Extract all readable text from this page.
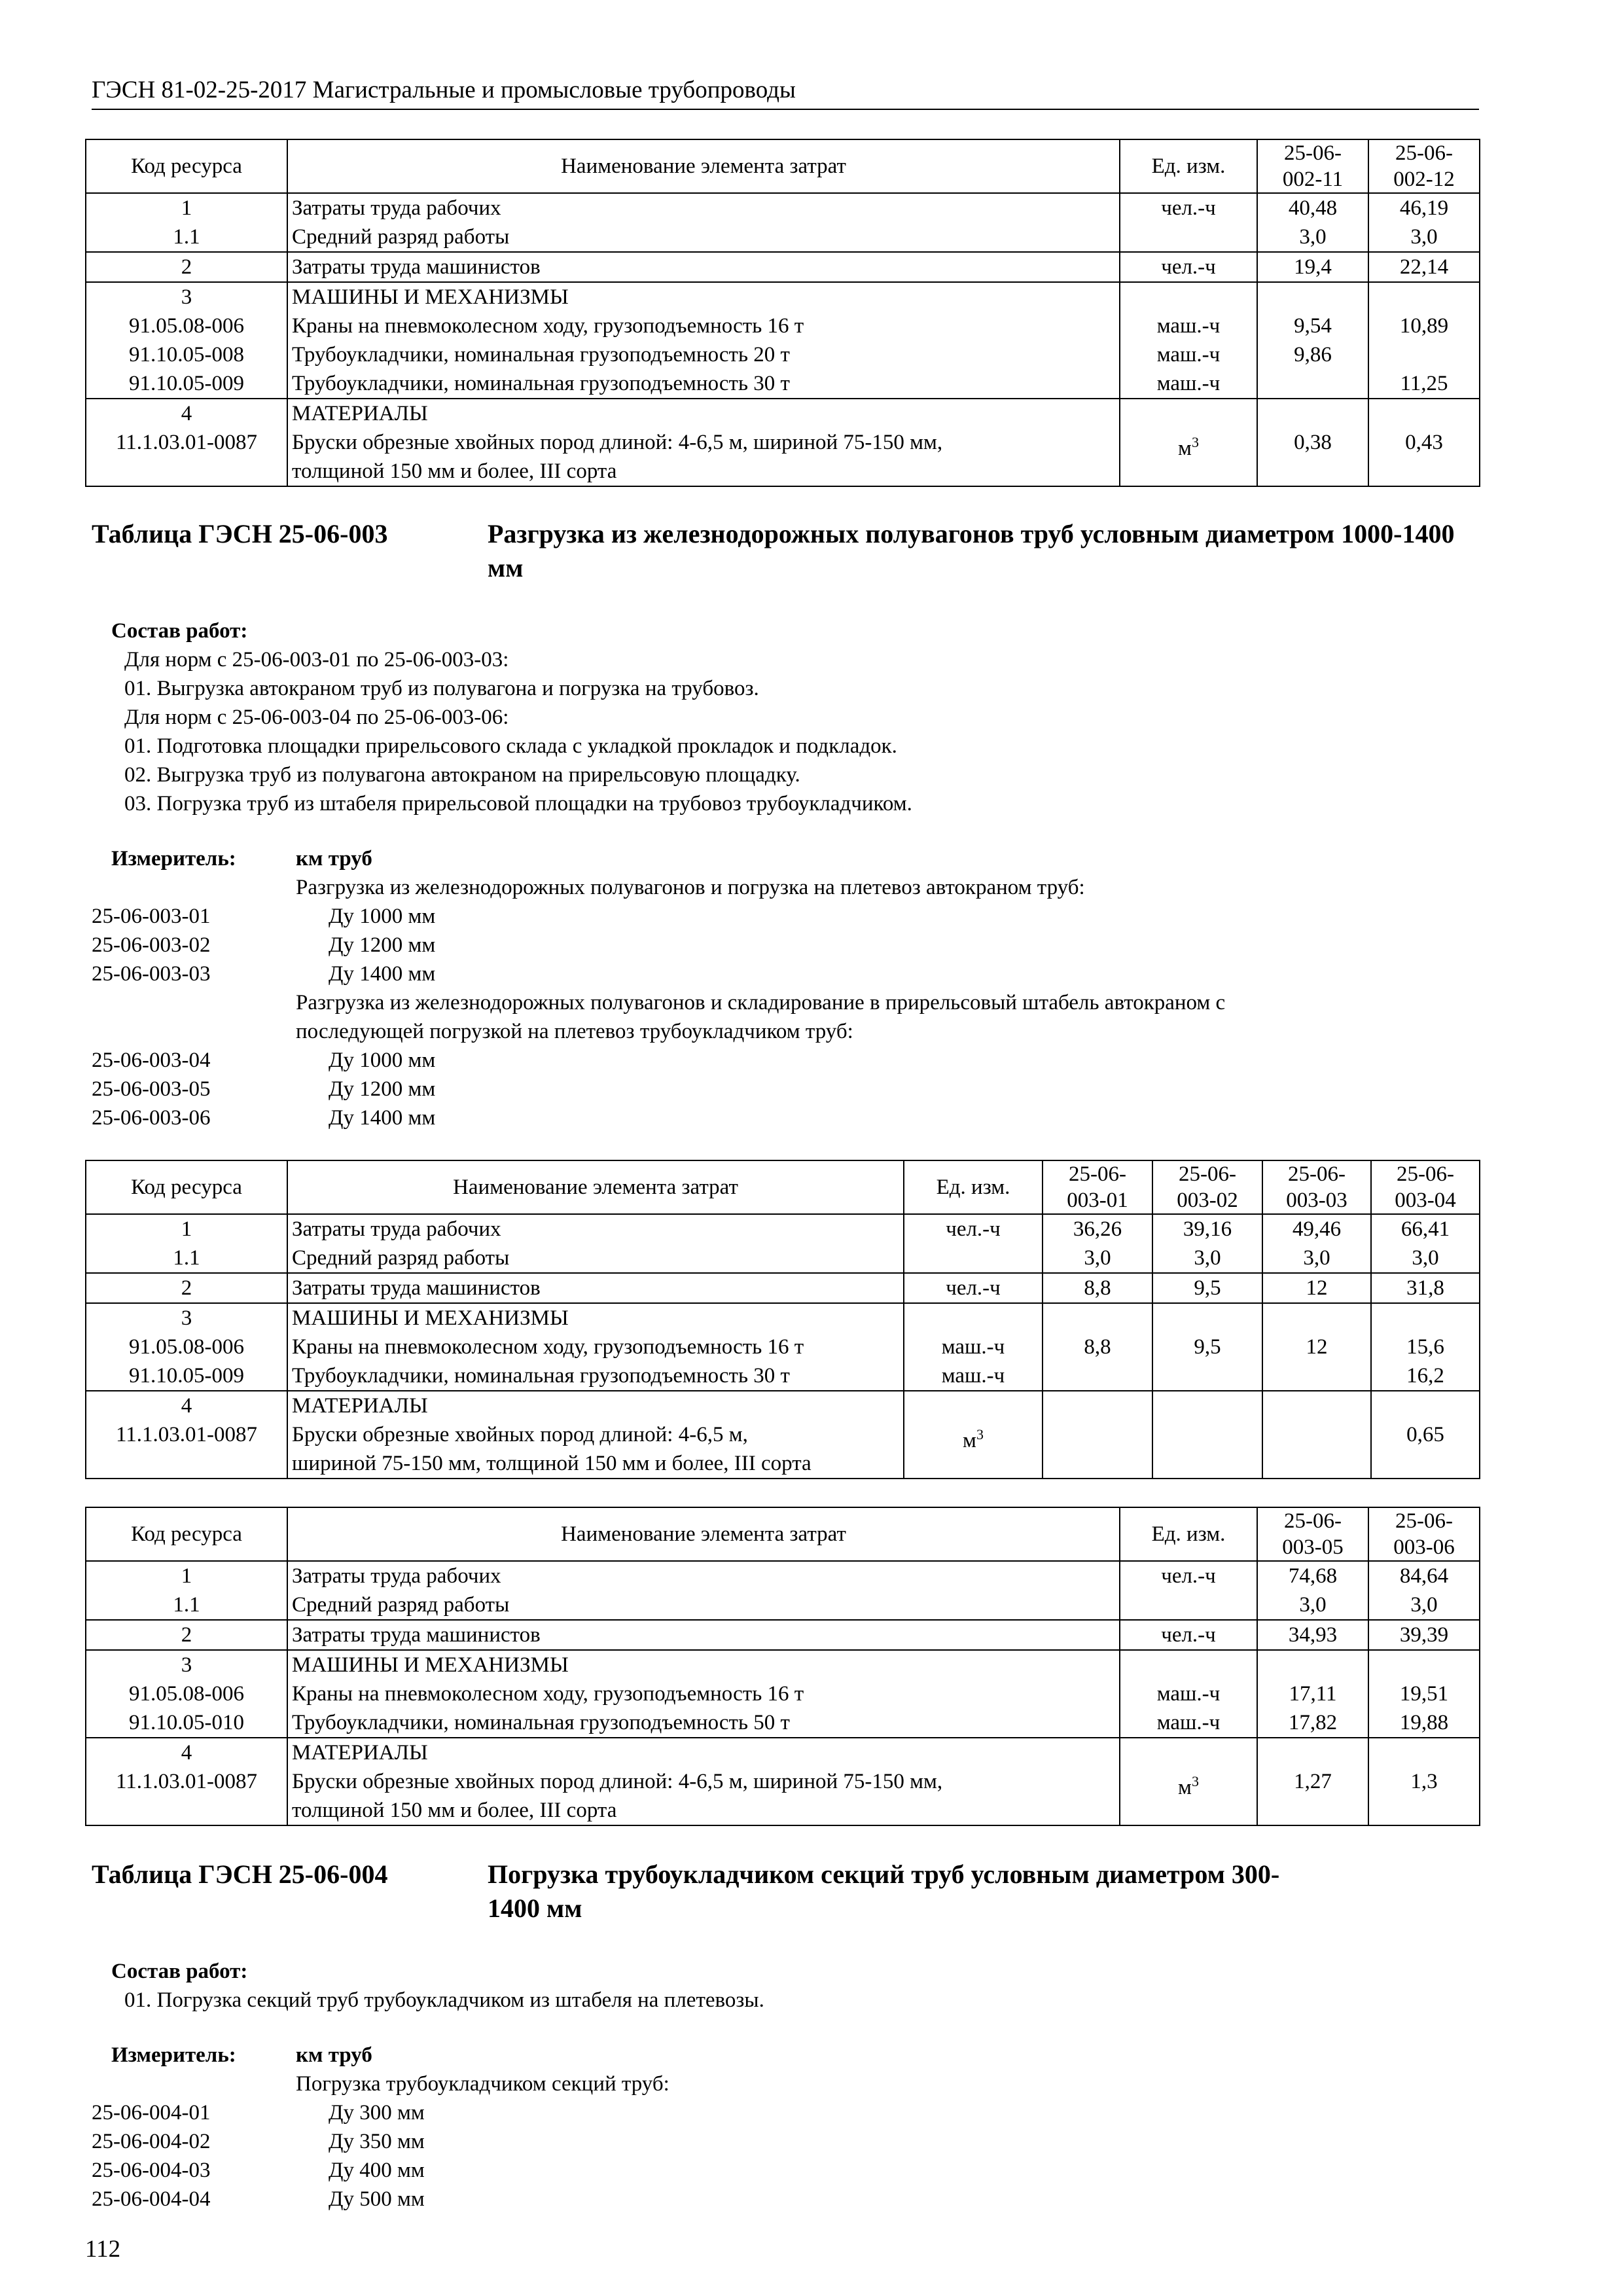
ГЭСН 81-02-25-2017 Магистральные и промысловые трубопроводы
Код ресурса	Наименование элемента затрат	Ед. изм.	25-06-
002-11	25-06-
002-12
1	Затраты труда рабочих	чел.-ч	40,48	46,19
1.1	Средний разряд работы		3,0	3,0
2	Затраты труда машинистов	чел.-ч	19,4	22,14
3	МАШИНЫ И МЕХАНИЗМЫ			
91.05.08-006	Краны на пневмоколесном ходу, грузоподъемность 16 т	маш.-ч	9,54	10,89
91.10.05-008	Трубоукладчики, номинальная грузоподъемность 20 т	маш.-ч	9,86	
91.10.05-009	Трубоукладчики, номинальная грузоподъемность 30 т	маш.-ч		11,25
4	МАТЕРИАЛЫ			
11.1.03.01-0087	Бруски обрезные хвойных пород длиной: 4-6,5 м, шириной 75-150 мм,
толщиной 150 мм и более, III сорта	$м^3$	0,38	0,43
Таблица ГЭСН 25-06-003	Разгрузка из железнодорожных полувагонов труб условным диаметром 1000-1400 мм
Состав работ:
Для норм с 25-06-003-01 по 25-06-003-03:
01. Выгрузка автокраном труб из полувагона и погрузка на трубовоз.
Для норм с 25-06-003-04 по 25-06-003-06:
01. Подготовка площадки прирельсового склада с укладкой прокладок и подкладок.
02. Выгрузка труб из полувагона автокраном на прирельсовую площадку.
03. Погрузка труб из штабеля прирельсовой площадки на трубовоз трубоукладчиком.
Измеритель:	км труб
Разгрузка из железнодорожных полувагонов и погрузка на плетевоз автокраном труб:
25-06-003-01	Ду 1000 мм
25-06-003-02	Ду 1200 мм
25-06-003-03	Ду 1400 мм
Разгрузка из железнодорожных полувагонов и складирование в прирельсовый штабель автокраном с
последующей погрузкой на плетевоз трубоукладчиком труб:
25-06-003-04	Ду 1000 мм
25-06-003-05	Ду 1200 мм
25-06-003-06	Ду 1400 мм
Код ресурса	Наименование элемента затрат	Ед. изм.	25-06-
003-01	25-06-
003-02	25-06-
003-03	25-06-
003-04
1	Затраты труда рабочих	чел.-ч	36,26	39,16	49,46	66,41
1.1	Средний разряд работы		3,0	3,0	3,0	3,0
2	Затраты труда машинистов	чел.-ч	8,8	9,5	12	31,8
3	МАШИНЫ И МЕХАНИЗМЫ					
91.05.08-006	Краны на пневмоколесном ходу, грузоподъемность 16 т	маш.-ч	8,8	9,5	12	15,6
91.10.05-009	Трубоукладчики, номинальная грузоподъемность 30 т	маш.-ч				16,2
4	МАТЕРИАЛЫ					
11.1.03.01-0087	Бруски обрезные хвойных пород длиной: 4-6,5 м,
шириной 75-150 мм, толщиной 150 мм и более, III сорта	$м^3$				0,65
Код ресурса	Наименование элемента затрат	Ед. изм.	25-06-
003-05	25-06-
003-06
1	Затраты труда рабочих	чел.-ч	74,68	84,64
1.1	Средний разряд работы		3,0	3,0
2	Затраты труда машинистов	чел.-ч	34,93	39,39
3	МАШИНЫ И МЕХАНИЗМЫ			
91.05.08-006	Краны на пневмоколесном ходу, грузоподъемность 16 т	маш.-ч	17,11	19,51
91.10.05-010	Трубоукладчики, номинальная грузоподъемность 50 т	маш.-ч	17,82	19,88
4	МАТЕРИАЛЫ			
11.1.03.01-0087	Бруски обрезные хвойных пород длиной: 4-6,5 м, шириной 75-150 мм,
толщиной 150 мм и более, III сорта	$м^3$	1,27	1,3

Таблица ГЭСН 25-06-004	Погрузка трубоукладчиком секций труб условным диаметром 300-
1400 мм

Состав работ:
01. Погрузка секций труб трубоукладчиком из штабеля на плетевозы.
Измеритель:	км труб
Погрузка трубоукладчиком секций труб:
25-06-004-01	Ду 300 мм
25-06-004-02	Ду 350 мм
25-06-004-03	Ду 400 мм
25-06-004-04	Ду 500 мм
112
